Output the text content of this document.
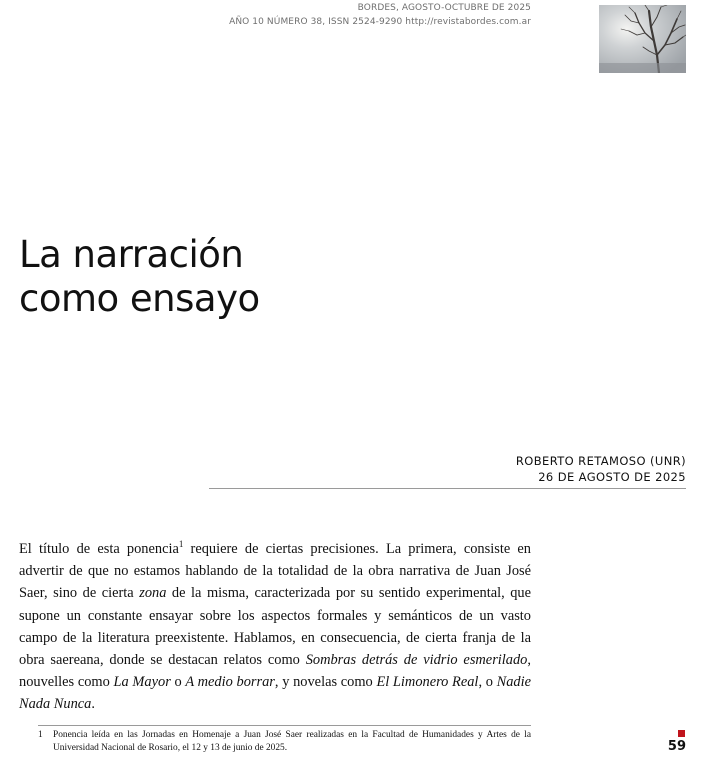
BORDES, AGOSTO-OCTUBRE DE 2025
AÑO 10 NÚMERO 38, ISSN 2524-9290 http://revistabordes.com.ar
La narración
como ensayo
ROBERTO RETAMOSO (UNR)
26 DE AGOSTO DE 2025

El título de esta ponencia$^1$ requiere de ciertas precisiones. La primera, consiste en advertir de que no estamos hablando de la totalidad de la obra narrativa de Juan José Saer, sino de cierta zona de la misma, caracterizada por su sentido experimental, que supone un constante ensayar sobre los aspectos formales y semánticos de un vasto campo de la literatura preexistente. Hablamos, en consecuencia, de cierta franja de la obra saereana, donde se destacan relatos como Sombras detrás de vidrio esmerilado, nouvelles como La Mayor o A medio borrar, y novelas como El Limonero Real, o Nadie Nada Nunca.

1 Ponencia leída en las Jornadas en Homenaje a Juan José Saer realizadas en la Facultad de Humanidades y Artes de la Universidad Nacional de Rosario, el 12 y 13 de junio de 2025.	59
